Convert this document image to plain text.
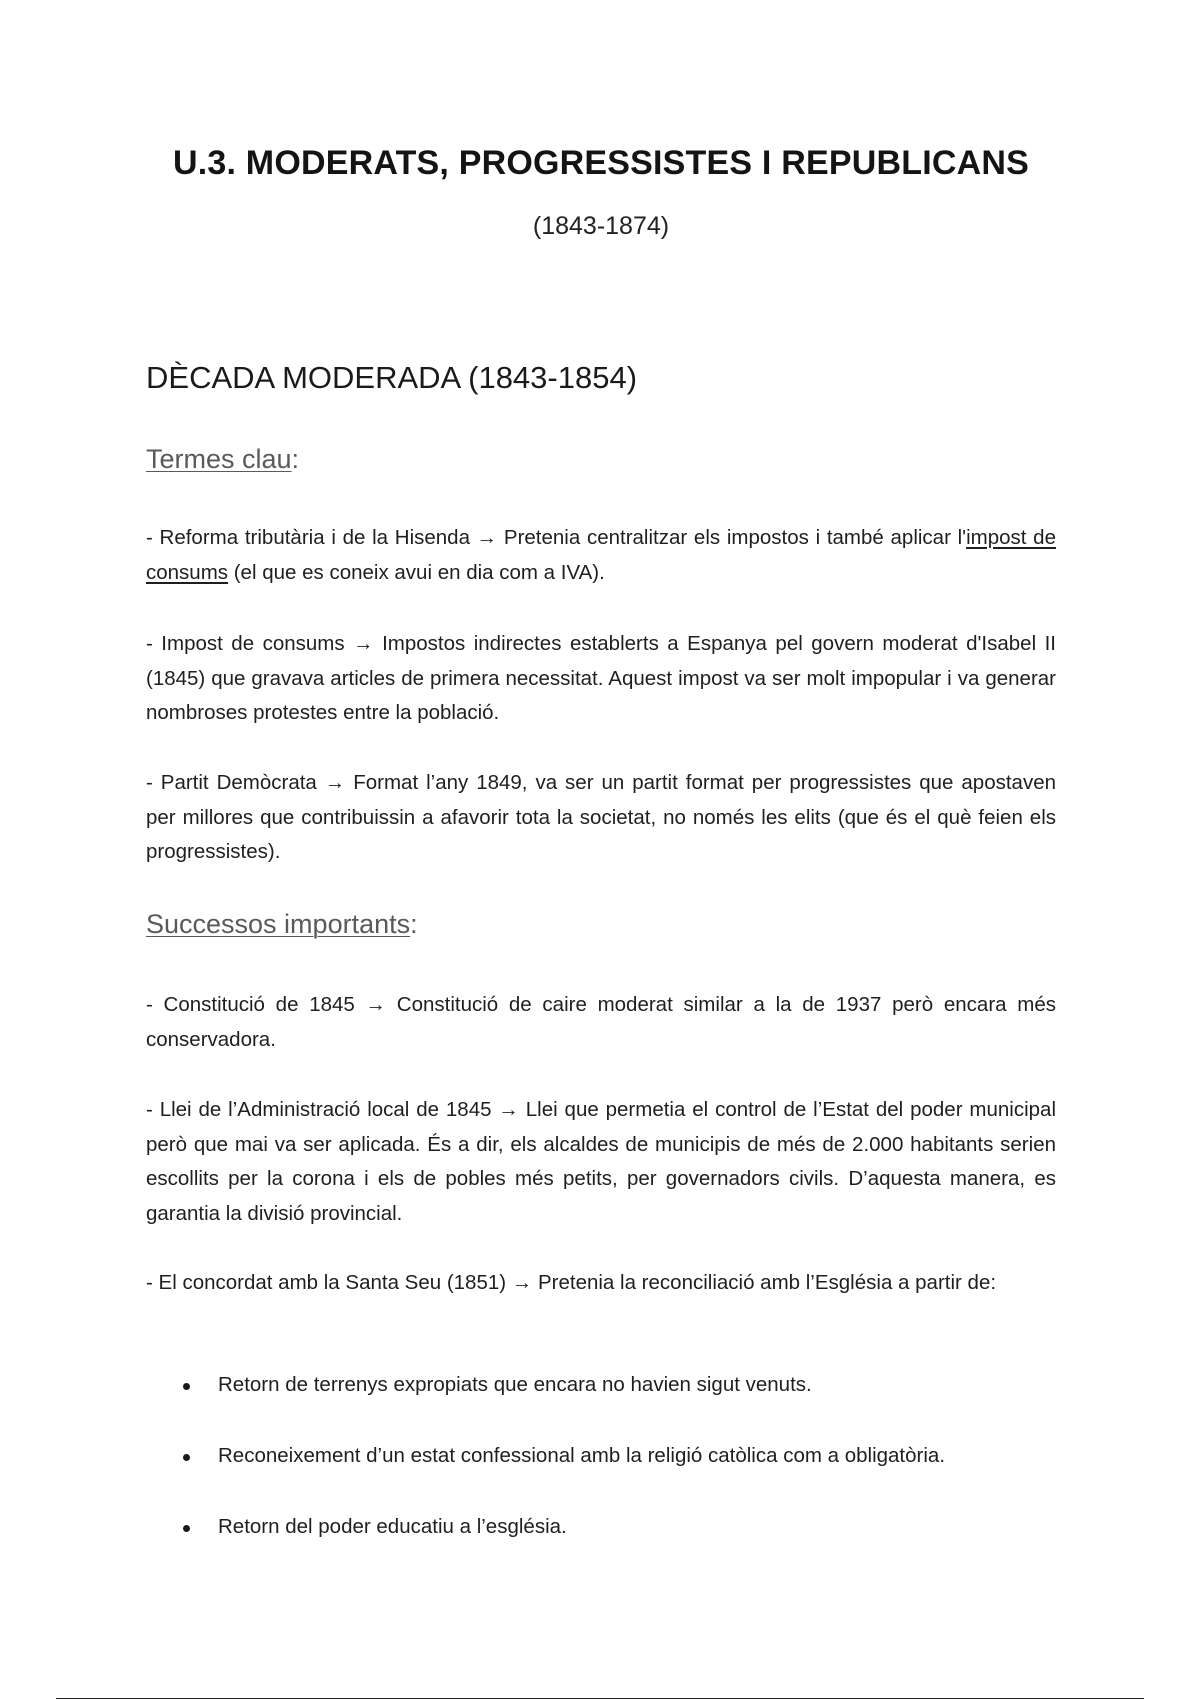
U.3. MODERATS, PROGRESSISTES I REPUBLICANS
(1843-1874)
DÈCADA MODERADA (1843-1854)
Termes clau:

- Reforma tributària i de la Hisenda → Pretenia centralitzar els impostos i també aplicar l'impost de consums (el que es coneix avui en dia com a IVA).

- Impost de consums → Impostos indirectes establerts a Espanya pel govern moderat d'Isabel II (1845) que gravava articles de primera necessitat. Aquest impost va ser molt impopular i va generar nombroses protestes entre la població.

- Partit Demòcrata → Format l’any 1849, va ser un partit format per progressistes que apostaven per millores que contribuissin a afavorir tota la societat, no només les elits (que és el què feien els progressistes).

Successos importants:

- Constitució de 1845 → Constitució de caire moderat similar a la de 1937 però encara més conservadora.

- Llei de l’Administració local de 1845 → Llei que permetia el control de l’Estat del poder municipal però que mai va ser aplicada. És a dir, els alcaldes de municipis de més de 2.000 habitants serien escollits per la corona i els de pobles més petits, per governadors civils. D’aquesta manera, es garantia la divisió provincial.

- El concordat amb la Santa Seu (1851) → Pretenia la reconciliació amb l’Església a partir de:

Retorn de terrenys expropiats que encara no havien sigut venuts.
Reconeixement d’un estat confessional amb la religió catòlica com a obligatòria.
Retorn del poder educatiu a l’església.
